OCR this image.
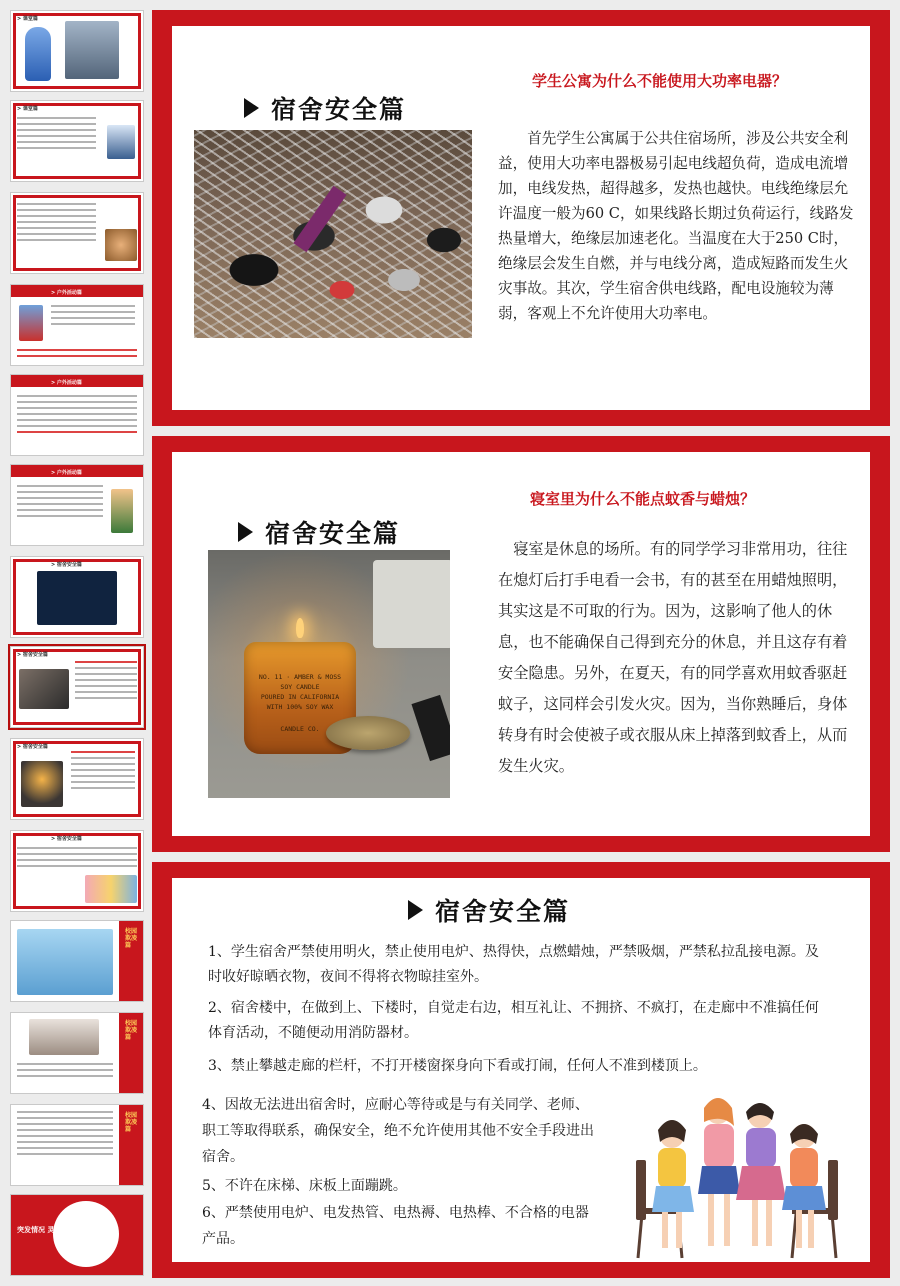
> 课堂篇
> 课堂篇
> 户外活动篇
> 户外活动篇
> 户外活动篇
> 宿舍安全篇
> 宿舍安全篇
> 宿舍安全篇
> 宿舍安全篇
校园欺凌篇
校园欺凌篇
校园欺凌篇
突发情况 灵活自救
宿舍安全篇
学生公寓为什么不能使用大功率电器？

　　首先学生公寓属于公共住宿场所，涉及公共安全利益，使用大功率电器极易引起电线超负荷，造成电流增加，电线发热，超得越多，发热也越快。电线绝缘层允许温度一般为60 C，如果线路长期过负荷运行，线路发热量增大，绝缘层加速老化。当温度在大于250 C时，绝缘层会发生自燃，并与电线分离，造成短路而发生火灾事故。其次，学生宿舍供电线路，配电设施较为薄弱，客观上不允许使用大功率电。

宿舍安全篇
NO. 11 · AMBER & MOSS
SOY CANDLE
POURED IN CALIFORNIA
WITH 100% SOY WAX
CANDLE CO.
寝室里为什么不能点蚊香与蜡烛？

　寝室是休息的场所。有的同学学习非常用功，往往在熄灯后打手电看一会书，有的甚至在用蜡烛照明，其实这是不可取的行为。因为，这影响了他人的休息，也不能确保自己得到充分的休息，并且这存有着安全隐患。另外，在夏天，有的同学喜欢用蚊香驱赶蚊子，这同样会引发火灾。因为，当你熟睡后，身体转身有时会使被子或衣服从床上掉落到蚊香上，从而发生火灾。

宿舍安全篇

1、学生宿舍严禁使用明火，禁止使用电炉、热得快，点燃蜡烛，严禁吸烟，严禁私拉乱接电源。及时收好晾晒衣物，夜间不得将衣物晾挂室外。

2、宿舍楼中，在做到上、下楼时，自觉走右边，相互礼让、不拥挤、不疯打，在走廊中不准搞任何体育活动，不随便动用消防器材。

3、禁止攀越走廊的栏杆，不打开楼窗探身向下看或打闹，任何人不准到楼顶上。

4、因故无法进出宿舍时，应耐心等待或是与有关同学、老师、职工等取得联系，确保安全，绝不允许使用其他不安全手段进出宿舍。

5、不许在床梯、床板上面蹦跳。

6、严禁使用电炉、电发热管、电热褥、电热棒、不合格的电器产品。
